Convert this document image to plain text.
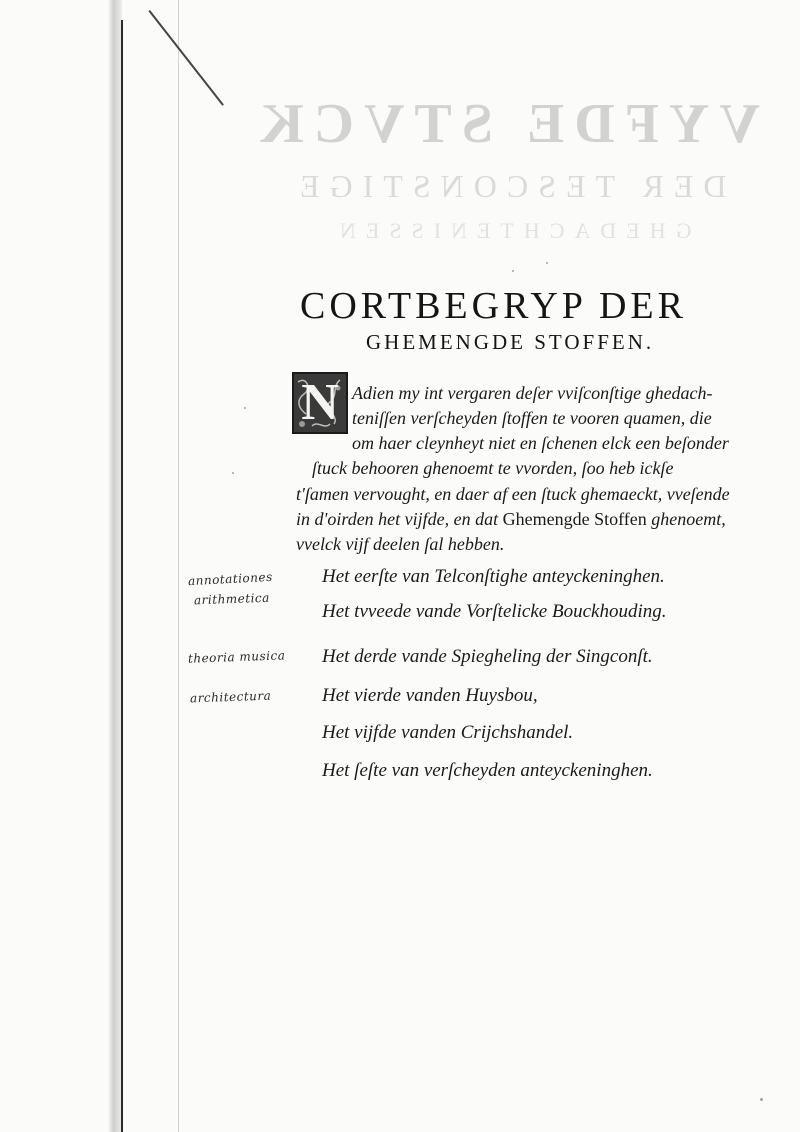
VYFDE STVCK
DER TESCONSTIGE
GHEDACHTENISSEN
CORTBEGRYP DER
GHEMENGDE STOFFEN.
N Adien my int vergaren deſer vviſconſtige ghedach-
teniſſen verſcheyden ſtoffen te vooren quamen, die
om haer cleynheyt niet en ſchenen elck een beſonder
ſtuck behooren ghenoemt te vvorden, ſoo heb ickſe
t'ſamen vervought, en daer af een ſtuck ghemaeckt, vveſende
in d'oirden het vijfde, en dat Ghemengde Stoffen ghenoemt,
vvelck vijf deelen ſal hebben.
Het eerſte van Telconſtighe anteyckeninghen.
Het tvveede vande Vorſtelicke Bouckhouding.
Het derde vande Spiegheling der Singconſt.
Het vierde vanden Huysbou,
Het vijfde vanden Crijchshandel.
Het ſeſte van verſcheyden anteyckeninghen.
annotationes
arithmetica
theoria musica
architectura
